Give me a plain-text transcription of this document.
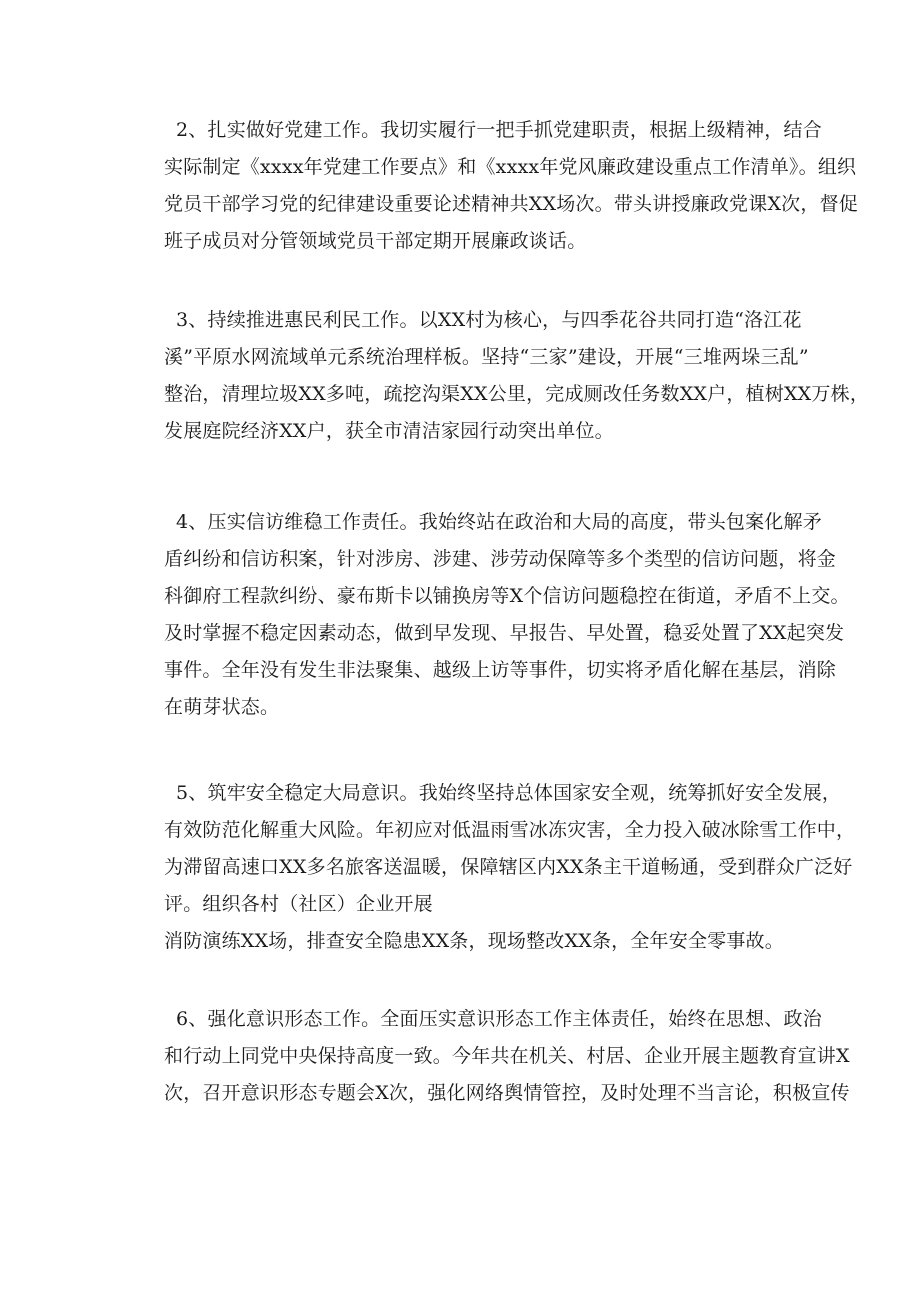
2、扎实做好党建工作。我切实履行一把手抓党建职责，根据上级精神，结合
实际制定《xxxx年党建工作要点》和《xxxx年党风廉政建设重点工作清单》。组织
党员干部学习党的纪律建设重要论述精神共XX场次。带头讲授廉政党课X次，督促
班子成员对分管领域党员干部定期开展廉政谈话。
3、持续推进惠民利民工作。以XX村为核心，与四季花谷共同打造“洛江花
溪”平原水网流域单元系统治理样板。坚持“三家”建设，开展“三堆两垛三乱”
整治，清理垃圾XX多吨，疏挖沟渠XX公里，完成厕改任务数XX户，植树XX万株，
发展庭院经济XX户，获全市清洁家园行动突出单位。
4、压实信访维稳工作责任。我始终站在政治和大局的高度，带头包案化解矛
盾纠纷和信访积案，针对涉房、涉建、涉劳动保障等多个类型的信访问题，将金
科御府工程款纠纷、豪布斯卡以铺换房等X个信访问题稳控在街道，矛盾不上交。
及时掌握不稳定因素动态，做到早发现、早报告、早处置，稳妥处置了XX起突发
事件。全年没有发生非法聚集、越级上访等事件，切实将矛盾化解在基层，消除
在萌芽状态。
5、筑牢安全稳定大局意识。我始终坚持总体国家安全观，统筹抓好安全发展，
有效防范化解重大风险。年初应对低温雨雪冰冻灾害，全力投入破冰除雪工作中，
为滞留高速口XX多名旅客送温暖，保障辖区内XX条主干道畅通，受到群众广泛好
评。组织各村（社区）企业开展
消防演练XX场，排查安全隐患XX条，现场整改XX条，全年安全零事故。
6、强化意识形态工作。全面压实意识形态工作主体责任，始终在思想、政治
和行动上同党中央保持高度一致。今年共在机关、村居、企业开展主题教育宣讲X
次，召开意识形态专题会X次，强化网络舆情管控，及时处理不当言论，积极宣传
